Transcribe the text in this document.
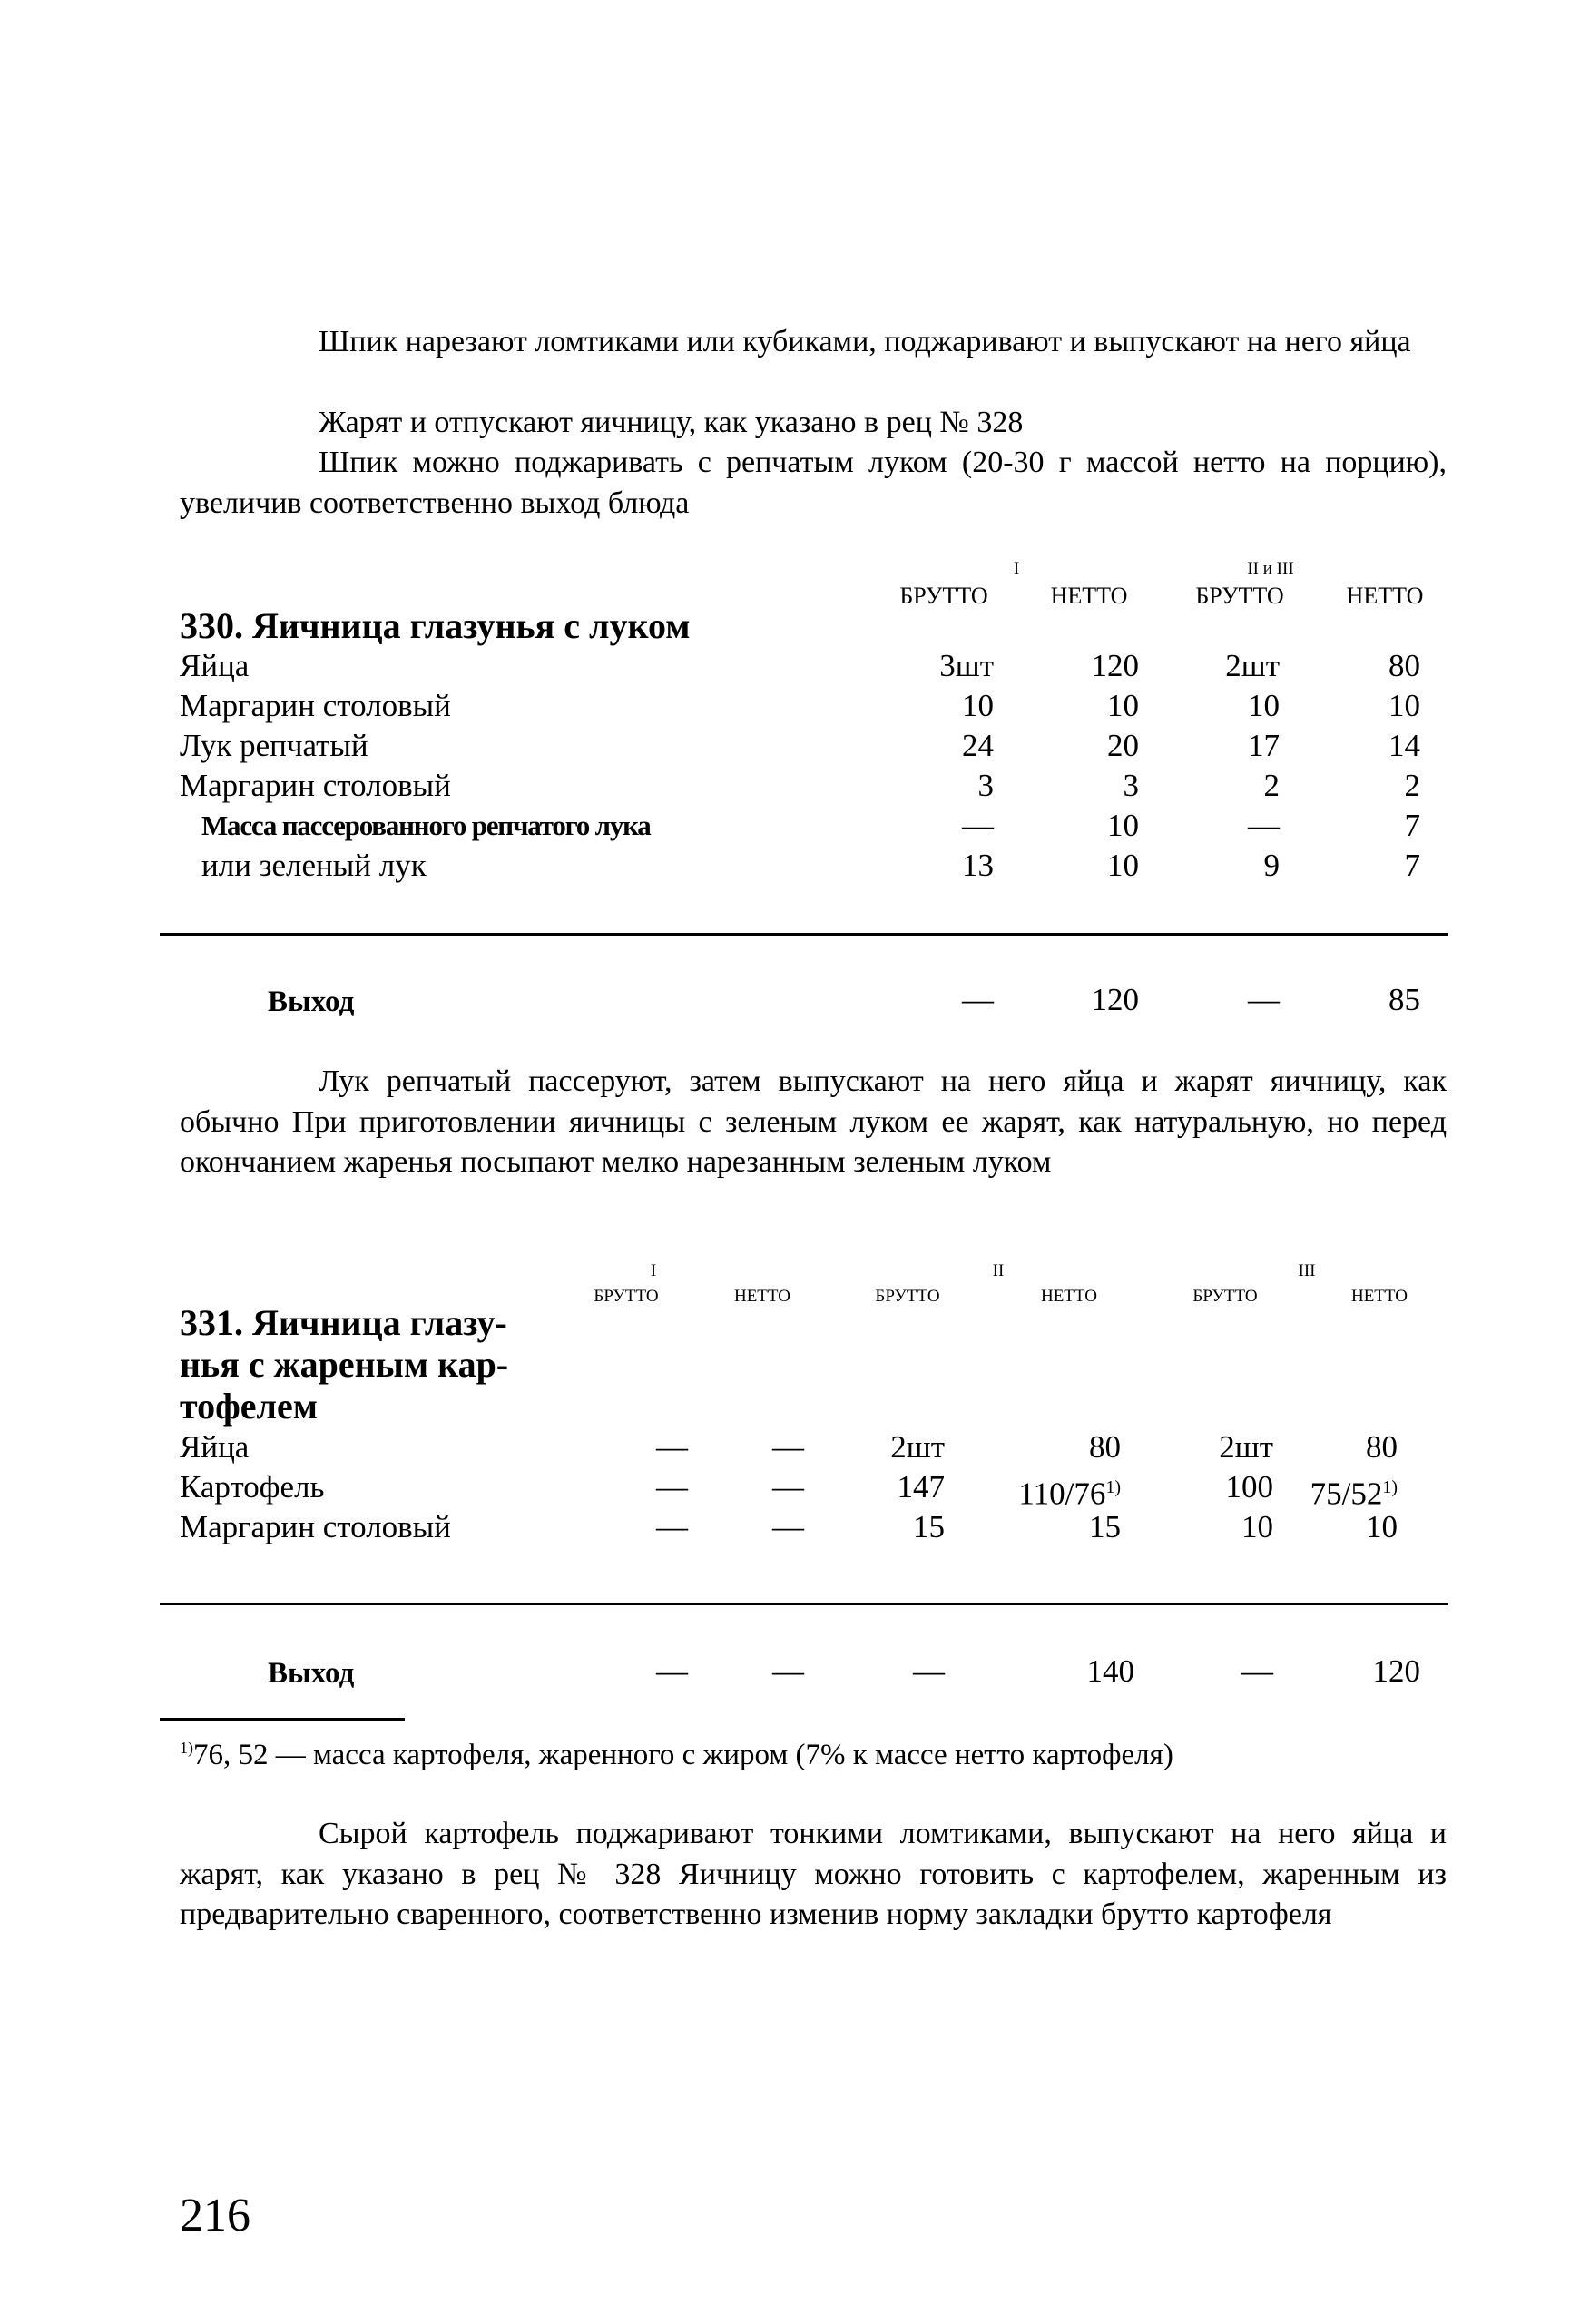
Шпик нарезают ломтиками или кубиками, поджаривают и выпускают на него яйца

Жарят и отпускают яичницу, как указано в рец № 328

Шпик можно поджаривать с репчатым луком (20-30 г массой нетто на порцию), увеличив соответственно выход блюда

I	II и III
БРУТТО	НЕТТО	БРУТТО	НЕТТО
330. Яичница глазунья с луком
Яйца	3шт	120	2шт	80
Маргарин столовый	10	10	10	10
Лук репчатый	24	20	17	14
Маргарин столовый	3	3	2	2
Масса пассерованного репчатого лука	—	10	—	7
или зеленый лук	13	10	9	7
Выход	—	120	—	85

Лук репчатый пассеруют, затем выпускают на него яйца и жарят яичницу, как обычно При приготовлении яичницы с зеленым луком ее жарят, как натуральную, но перед окончанием жаренья посыпают мелко нарезанным зеленым луком

I	II	III
БРУТТО	НЕТТО	БРУТТО	НЕТТО	БРУТТО	НЕТТО
331. Яичница глазу-
нья с жареным кар-
тофелем
Яйца	—	—	2шт	80	2шт	80
Картофель	—	—	147	110/76$^{1)}$	100	75/52$^{1)}$
Маргарин столовый	—	—	15	15	10	10
Выход	—	—	—	140	—	120
$^{1)}$76, 52 — масса картофеля, жаренного с жиром (7% к массе нетто картофеля)

Сырой картофель поджаривают тонкими ломтиками, выпускают на него яйца и жарят, как указано в рец № 328 Яичницу можно готовить с картофелем, жаренным из предварительно сваренного, соответственно изменив норму закладки брутто картофеля

216
